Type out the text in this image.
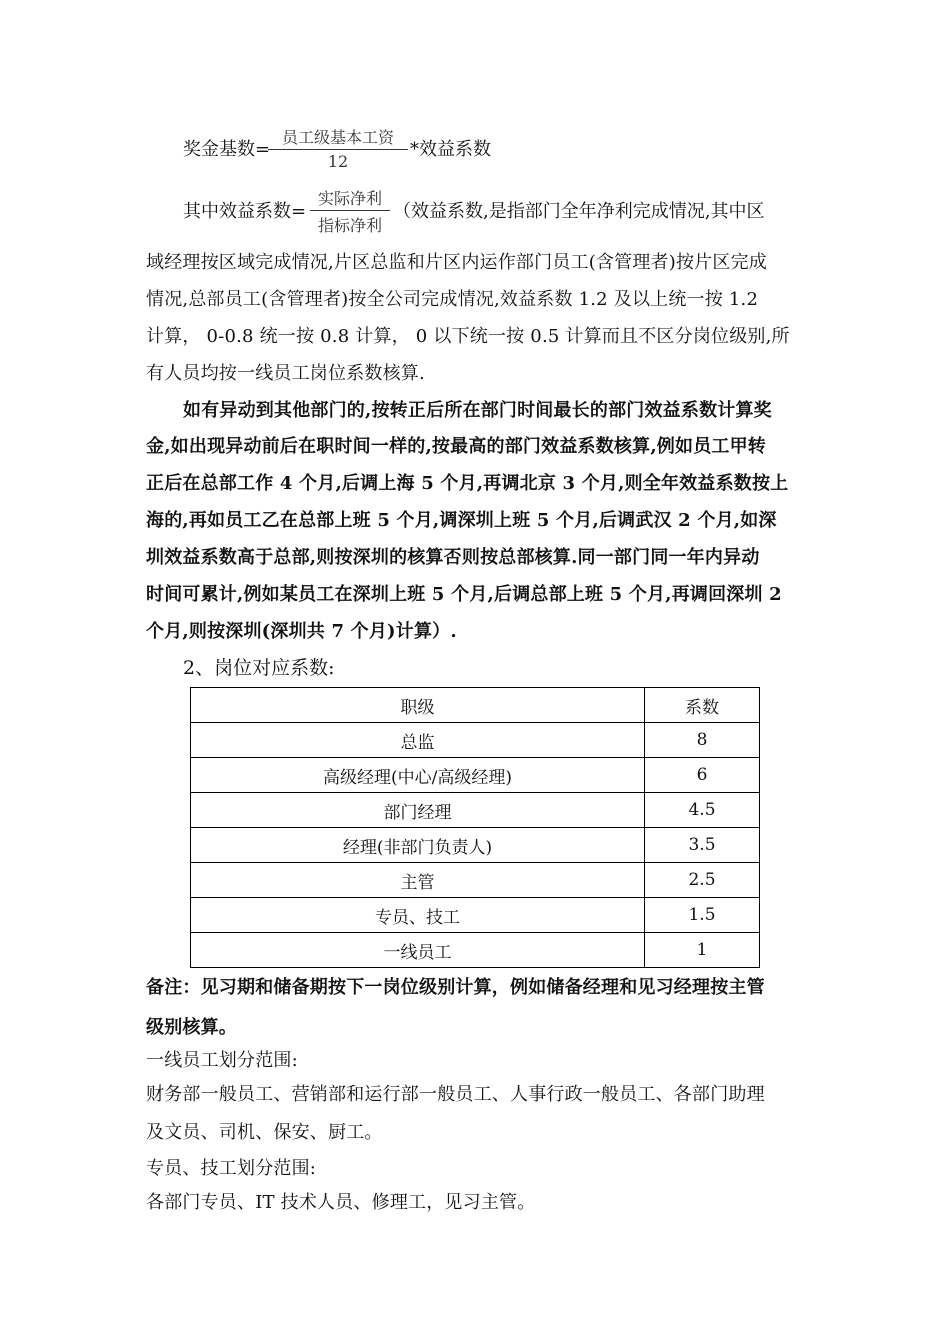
奖金基数=
员工级基本工资
12
*效益系数
其中效益系数=
实际净利
指标净利
（效益系数,是指部门全年净利完成情况,其中区
域经理按区域完成情况,片区总监和片区内运作部门员工(含管理者)按片区完成
情况,总部员工(含管理者)按全公司完成情况,效益系数 1.2 及以上统一按 1.2
计算， 0-0.8 统一按 0.8 计算， 0 以下统一按 0.5 计算而且不区分岗位级别,所
有人员均按一线员工岗位系数核算.
如有异动到其他部门的,按转正后所在部门时间最长的部门效益系数计算奖
金,如出现异动前后在职时间一样的,按最高的部门效益系数核算,例如员工甲转
正后在总部工作 4 个月,后调上海 5 个月,再调北京 3 个月,则全年效益系数按上
海的,再如员工乙在总部上班 5 个月,调深圳上班 5 个月,后调武汉 2 个月,如深
圳效益系数高于总部,则按深圳的核算否则按总部核算.同一部门同一年内异动
时间可累计,例如某员工在深圳上班 5 个月,后调总部上班 5 个月,再调回深圳 2
个月,则按深圳(深圳共 7 个月)计算）.
2、岗位对应系数:
职级	系数
总监	8
高级经理(中心/高级经理)	6
部门经理	4.5
经理(非部门负责人)	3.5
主管	2.5
专员、技工	1.5
一线员工	1
备注：见习期和储备期按下一岗位级别计算，例如储备经理和见习经理按主管
级别核算。
一线员工划分范围:
财务部一般员工、营销部和运行部一般员工、人事行政一般员工、各部门助理
及文员、司机、保安、厨工。
专员、技工划分范围:
各部门专员、IT 技术人员、修理工，见习主管。
